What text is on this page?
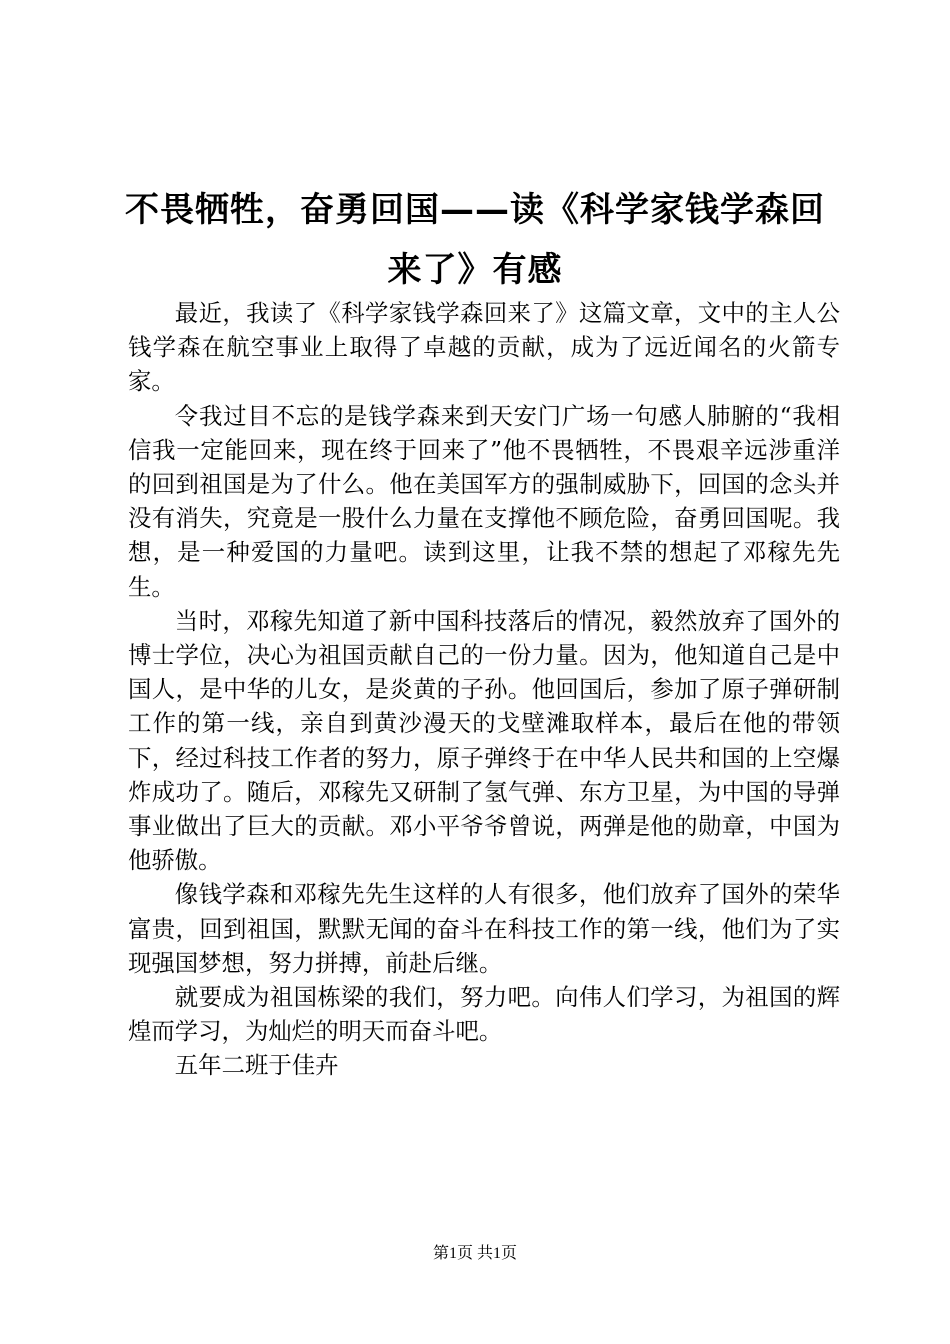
不畏牺牲，奋勇回国——读《科学家钱学森回
来了》有感

最近，我读了《科学家钱学森回来了》这篇文章，文中的主人公钱学森在航空事业上取得了卓越的贡献，成为了远近闻名的火箭专家。

令我过目不忘的是钱学森来到天安门广场一句感人肺腑的“我相信我一定能回来，现在终于回来了”他不畏牺牲，不畏艰辛远涉重洋的回到祖国是为了什么。他在美国军方的强制威胁下，回国的念头并没有消失，究竟是一股什么力量在支撑他不顾危险，奋勇回国呢。我想，是一种爱国的力量吧。读到这里，让我不禁的想起了邓稼先先生。

当时，邓稼先知道了新中国科技落后的情况，毅然放弃了国外的博士学位，决心为祖国贡献自己的一份力量。因为，他知道自己是中国人，是中华的儿女，是炎黄的子孙。他回国后，参加了原子弹研制工作的第一线，亲自到黄沙漫天的戈壁滩取样本，最后在他的带领下，经过科技工作者的努力，原子弹终于在中华人民共和国的上空爆炸成功了。随后，邓稼先又研制了氢气弹、东方卫星，为中国的导弹事业做出了巨大的贡献。邓小平爷爷曾说，两弹是他的勋章，中国为他骄傲。

像钱学森和邓稼先先生这样的人有很多，他们放弃了国外的荣华富贵，回到祖国，默默无闻的奋斗在科技工作的第一线，他们为了实现强国梦想，努力拼搏，前赴后继。

就要成为祖国栋梁的我们，努力吧。向伟人们学习，为祖国的辉煌而学习，为灿烂的明天而奋斗吧。

五年二班于佳卉

第1页 共1页
